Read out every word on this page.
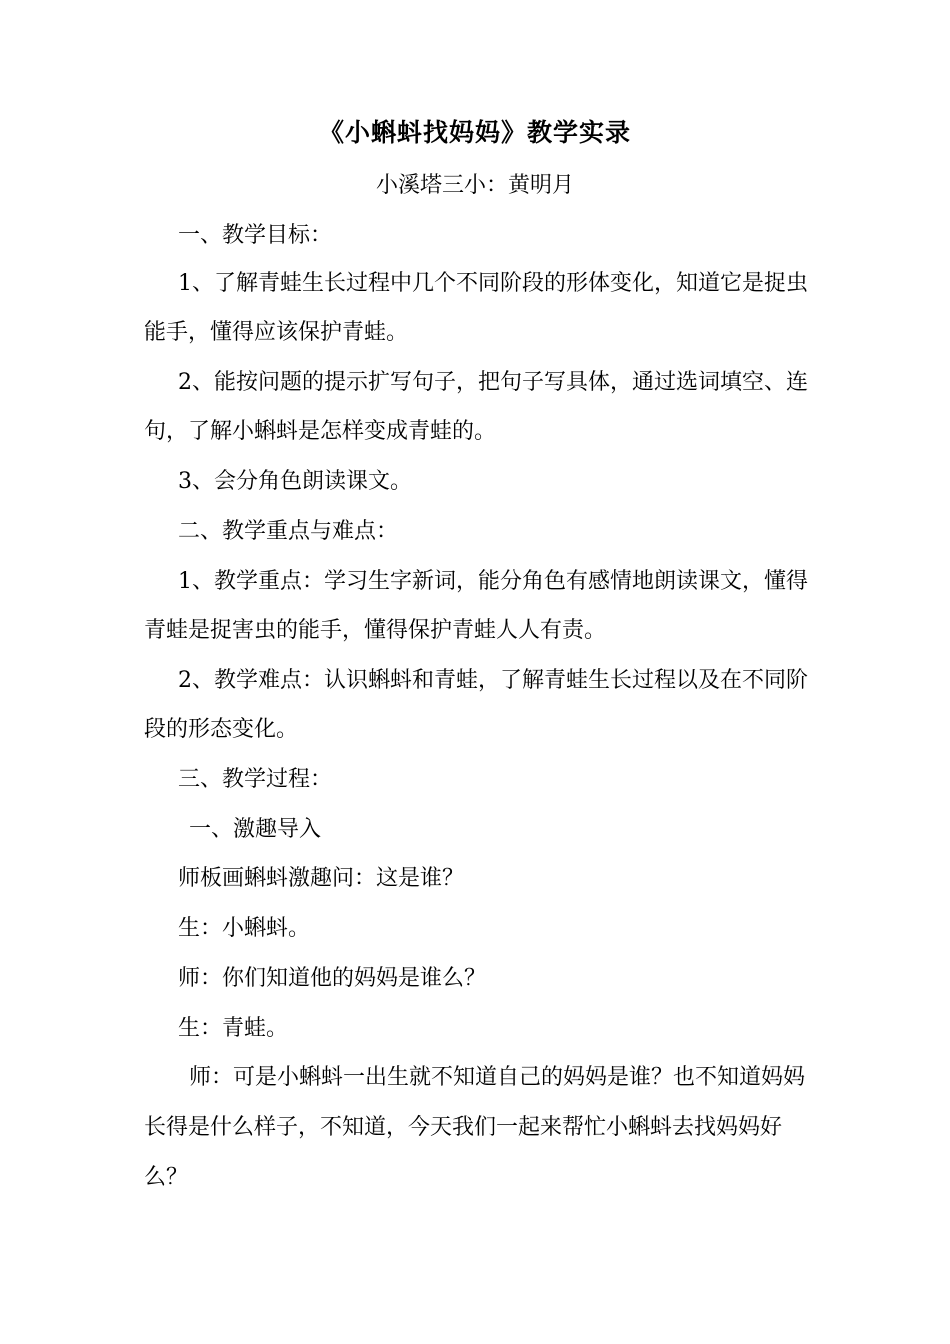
《小蝌蚪找妈妈》教学实录
小溪塔三小：黄明月
一、教学目标：
1、了解青蛙生长过程中几个不同阶段的形体变化，知道它是捉虫
能手，懂得应该保护青蛙。
2、能按问题的提示扩写句子，把句子写具体，通过选词填空、连
句，了解小蝌蚪是怎样变成青蛙的。
3、会分角色朗读课文。
二、教学重点与难点：
1、教学重点：学习生字新词，能分角色有感情地朗读课文，懂得
青蛙是捉害虫的能手，懂得保护青蛙人人有责。
2、教学难点：认识蝌蚪和青蛙，了解青蛙生长过程以及在不同阶
段的形态变化。
三、教学过程：
一、激趣导入
师板画蝌蚪激趣问：这是谁？
生：小蝌蚪。
师：你们知道他的妈妈是谁么？
生：青蛙。
师：可是小蝌蚪一出生就不知道自己的妈妈是谁？也不知道妈妈
长得是什么样子，不知道，今天我们一起来帮忙小蝌蚪去找妈妈好
么？
